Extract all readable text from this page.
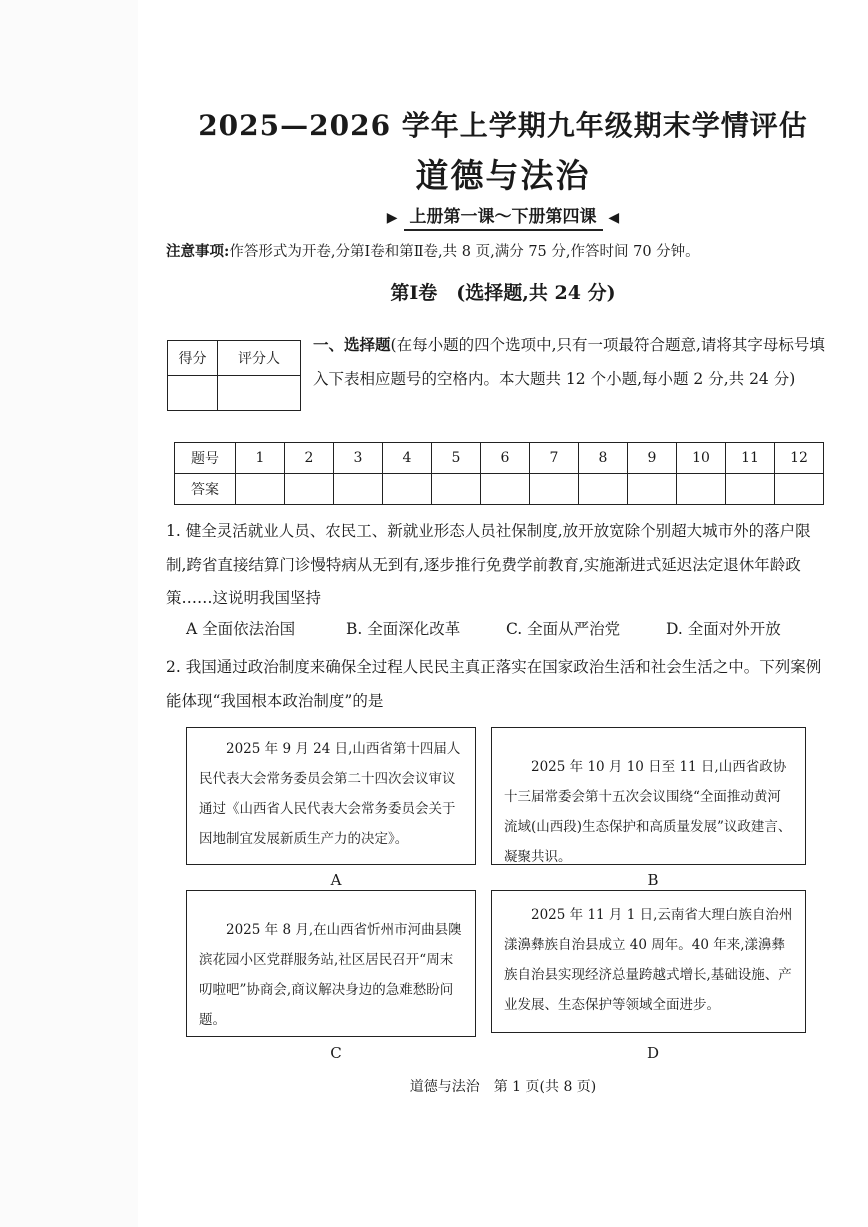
2025—2026 学年上学期九年级期末学情评估
道德与法治
▶ 上册第一课～下册第四课 ◀
注意事项:作答形式为开卷,分第Ⅰ卷和第Ⅱ卷,共 8 页,满分 75 分,作答时间 70 分钟。
第Ⅰ卷　(选择题,共 24 分)
得分	评分人

一、选择题(在每小题的四个选项中,只有一项最符合题意,请将其字母标号填入下表相应题号的空格内。本大题共 12 个小题,每小题 2 分,共 24 分)
题号	1	2	3	4	5	6	7	8	9	10	11	12
答案												
1. 健全灵活就业人员、农民工、新就业形态人员社保制度,放开放宽除个别超大城市外的落户限制,跨省直接结算门诊慢特病从无到有,逐步推行免费学前教育,实施渐进式延迟法定退休年龄政策……这说明我国坚持
A 全面依法治国	B. 全面深化改革	C. 全面从严治党	D. 全面对外开放
2. 我国通过政治制度来确保全过程人民民主真正落实在国家政治生活和社会生活之中。下列案例能体现“我国根本政治制度”的是

2025 年 9 月 24 日,山西省第十四届人民代表大会常务委员会第二十四次会议审议通过《山西省人民代表大会常务委员会关于因地制宜发展新质生产力的决定》。

A

2025 年 10 月 10 日至 11 日,山西省政协十三届常委会第十五次会议围绕“全面推动黄河流域(山西段)生态保护和高质量发展”议政建言、凝聚共识。

B

2025 年 8 月,在山西省忻州市河曲县隩滨花园小区党群服务站,社区居民召开“周末叨啦吧”协商会,商议解决身边的急难愁盼问题。

C

2025 年 11 月 1 日,云南省大理白族自治州漾濞彝族自治县成立 40 周年。40 年来,漾濞彝族自治县实现经济总量跨越式增长,基础设施、产业发展、生态保护等领域全面进步。

D
道德与法治　第 1 页(共 8 页)
